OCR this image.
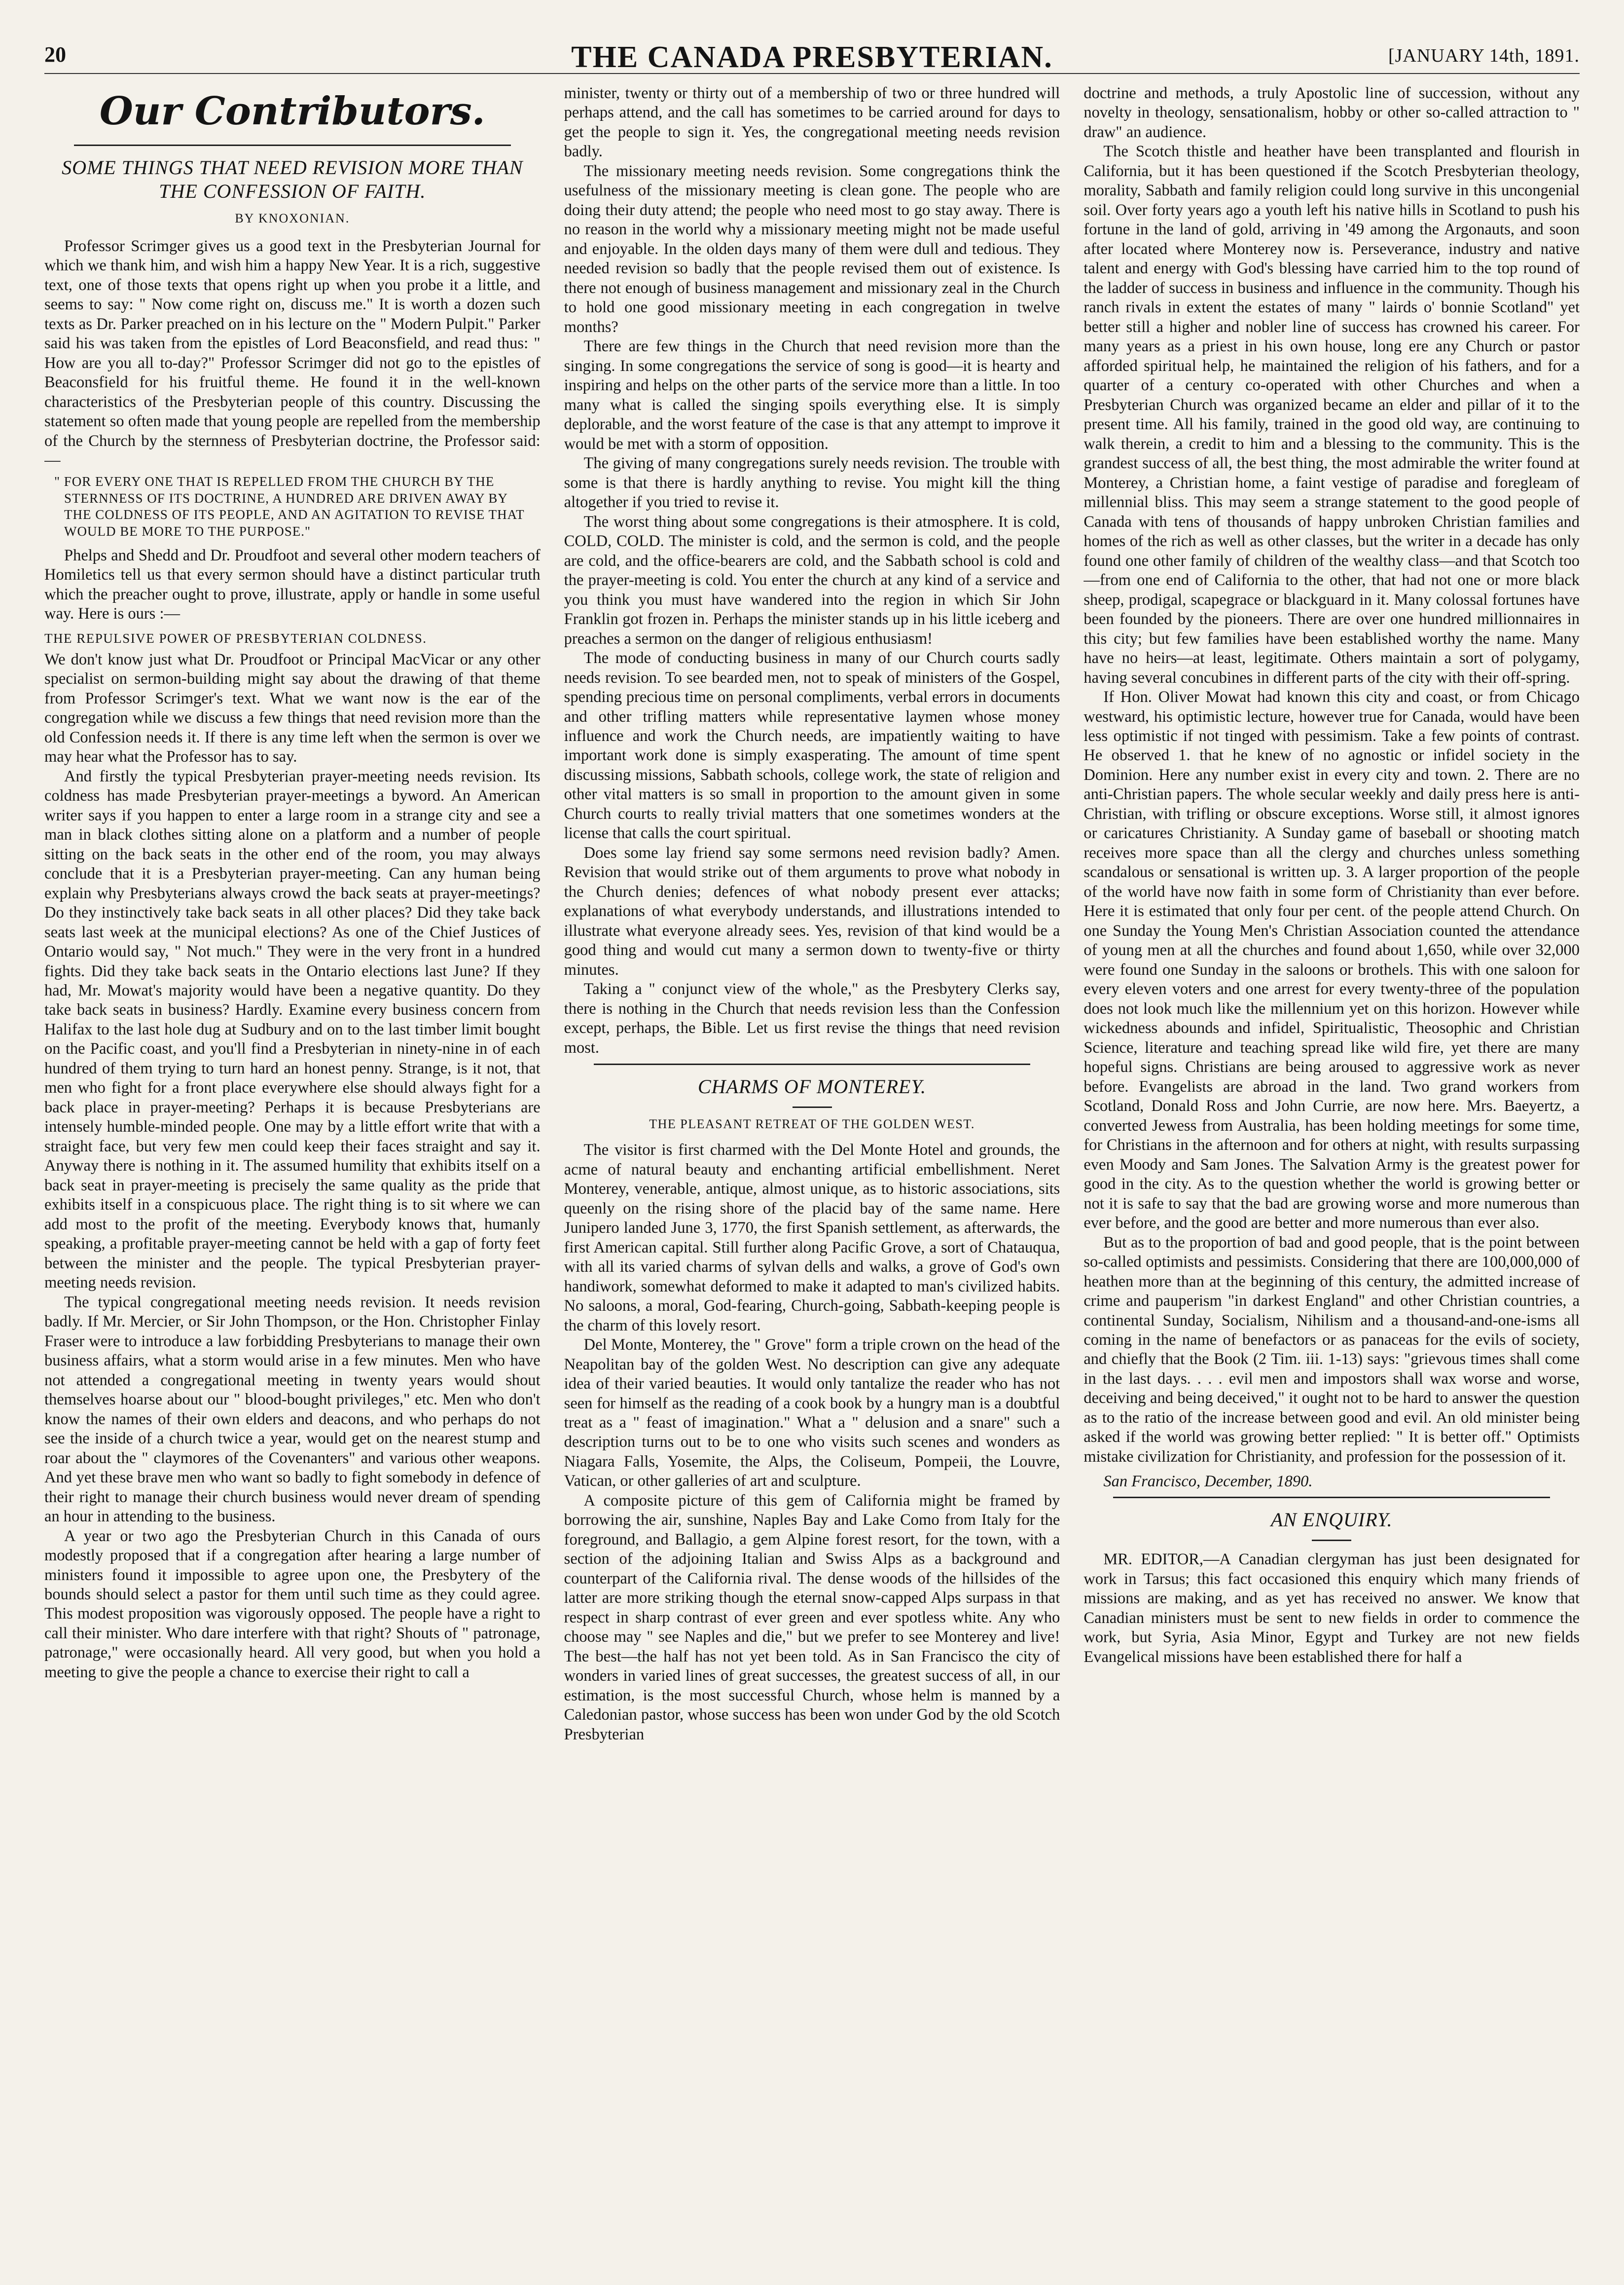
20	THE CANADA PRESBYTERIAN.	[JANUARY 14th, 1891.
Our Contributors.
SOME THINGS THAT NEED REVISION MORE THAN THE CONFESSION OF FAITH.
BY KNOXONIAN.

Professor Scrimger gives us a good text in the Presbyterian Journal for which we thank him, and wish him a happy New Year. It is a rich, suggestive text, one of those texts that opens right up when you probe it a little, and seems to say: " Now come right on, discuss me." It is worth a dozen such texts as Dr. Parker preached on in his lecture on the " Modern Pulpit." Parker said his was taken from the epistles of Lord Beaconsfield, and read thus: " How are you all to-day?" Professor Scrimger did not go to the epistles of Beaconsfield for his fruitful theme. He found it in the well-known characteristics of the Presbyterian people of this country. Discussing the statement so often made that young people are repelled from the membership of the Church by the sternness of Presbyterian doctrine, the Professor said: —

" FOR EVERY ONE THAT IS REPELLED FROM THE CHURCH BY THE STERNNESS OF ITS DOCTRINE, A HUNDRED ARE DRIVEN AWAY BY THE COLDNESS OF ITS PEOPLE, AND AN AGITATION TO REVISE THAT WOULD BE MORE TO THE PURPOSE."

Phelps and Shedd and Dr. Proudfoot and several other modern teachers of Homiletics tell us that every sermon should have a distinct particular truth which the preacher ought to prove, illustrate, apply or handle in some useful way. Here is ours :—

THE REPULSIVE POWER OF PRESBYTERIAN COLDNESS.

We don't know just what Dr. Proudfoot or Principal MacVicar or any other specialist on sermon-building might say about the drawing of that theme from Professor Scrimger's text. What we want now is the ear of the congregation while we discuss a few things that need revision more than the old Confession needs it. If there is any time left when the sermon is over we may hear what the Professor has to say.

And firstly the typical Presbyterian prayer-meeting needs revision. Its coldness has made Presbyterian prayer-meetings a byword. An American writer says if you happen to enter a large room in a strange city and see a man in black clothes sitting alone on a platform and a number of people sitting on the back seats in the other end of the room, you may always conclude that it is a Presbyterian prayer-meeting. Can any human being explain why Presbyterians always crowd the back seats at prayer-meetings? Do they instinctively take back seats in all other places? Did they take back seats last week at the municipal elections? As one of the Chief Justices of Ontario would say, " Not much." They were in the very front in a hundred fights. Did they take back seats in the Ontario elections last June? If they had, Mr. Mowat's majority would have been a negative quantity. Do they take back seats in business? Hardly. Examine every business concern from Halifax to the last hole dug at Sudbury and on to the last timber limit bought on the Pacific coast, and you'll find a Presbyterian in ninety-nine in of each hundred of them trying to turn hard an honest penny. Strange, is it not, that men who fight for a front place everywhere else should always fight for a back place in prayer-meeting? Perhaps it is because Presbyterians are intensely humble-minded people. One may by a little effort write that with a straight face, but very few men could keep their faces straight and say it. Anyway there is nothing in it. The assumed humility that exhibits itself on a back seat in prayer-meeting is precisely the same quality as the pride that exhibits itself in a conspicuous place. The right thing is to sit where we can add most to the profit of the meeting. Everybody knows that, humanly speaking, a profitable prayer-meeting cannot be held with a gap of forty feet between the minister and the people. The typical Presbyterian prayer-meeting needs revision.

The typical congregational meeting needs revision. It needs revision badly. If Mr. Mercier, or Sir John Thompson, or the Hon. Christopher Finlay Fraser were to introduce a law forbidding Presbyterians to manage their own business affairs, what a storm would arise in a few minutes. Men who have not attended a congregational meeting in twenty years would shout themselves hoarse about our " blood-bought privileges," etc. Men who don't know the names of their own elders and deacons, and who perhaps do not see the inside of a church twice a year, would get on the nearest stump and roar about the " claymores of the Covenanters" and various other weapons. And yet these brave men who want so badly to fight somebody in defence of their right to manage their church business would never dream of spending an hour in attending to the business.

A year or two ago the Presbyterian Church in this Canada of ours modestly proposed that if a congregation after hearing a large number of ministers found it impossible to agree upon one, the Presbytery of the bounds should select a pastor for them until such time as they could agree. This modest proposition was vigorously opposed. The people have a right to call their minister. Who dare interfere with that right? Shouts of " patronage, patronage," were occasionally heard. All very good, but when you hold a meeting to give the people a chance to exercise their right to call a

minister, twenty or thirty out of a membership of two or three hundred will perhaps attend, and the call has sometimes to be carried around for days to get the people to sign it. Yes, the congregational meeting needs revision badly.

The missionary meeting needs revision. Some congregations think the usefulness of the missionary meeting is clean gone. The people who are doing their duty attend; the people who need most to go stay away. There is no reason in the world why a missionary meeting might not be made useful and enjoyable. In the olden days many of them were dull and tedious. They needed revision so badly that the people revised them out of existence. Is there not enough of business management and missionary zeal in the Church to hold one good missionary meeting in each congregation in twelve months?

There are few things in the Church that need revision more than the singing. In some congregations the service of song is good—it is hearty and inspiring and helps on the other parts of the service more than a little. In too many what is called the singing spoils everything else. It is simply deplorable, and the worst feature of the case is that any attempt to improve it would be met with a storm of opposition.

The giving of many congregations surely needs revision. The trouble with some is that there is hardly anything to revise. You might kill the thing altogether if you tried to revise it.

The worst thing about some congregations is their atmosphere. It is cold, COLD, COLD. The minister is cold, and the sermon is cold, and the people are cold, and the office-bearers are cold, and the Sabbath school is cold and the prayer-meeting is cold. You enter the church at any kind of a service and you think you must have wandered into the region in which Sir John Franklin got frozen in. Perhaps the minister stands up in his little iceberg and preaches a sermon on the danger of religious enthusiasm!

The mode of conducting business in many of our Church courts sadly needs revision. To see bearded men, not to speak of ministers of the Gospel, spending precious time on personal compliments, verbal errors in documents and other trifling matters while representative laymen whose money influence and work the Church needs, are impatiently waiting to have important work done is simply exasperating. The amount of time spent discussing missions, Sabbath schools, college work, the state of religion and other vital matters is so small in proportion to the amount given in some Church courts to really trivial matters that one sometimes wonders at the license that calls the court spiritual.

Does some lay friend say some sermons need revision badly? Amen. Revision that would strike out of them arguments to prove what nobody in the Church denies; defences of what nobody present ever attacks; explanations of what everybody understands, and illustrations intended to illustrate what everyone already sees. Yes, revision of that kind would be a good thing and would cut many a sermon down to twenty-five or thirty minutes.

Taking a " conjunct view of the whole," as the Presbytery Clerks say, there is nothing in the Church that needs revision less than the Confession except, perhaps, the Bible. Let us first revise the things that need revision most.

CHARMS OF MONTEREY.
THE PLEASANT RETREAT OF THE GOLDEN WEST.

The visitor is first charmed with the Del Monte Hotel and grounds, the acme of natural beauty and enchanting artificial embellishment. Neret Monterey, venerable, antique, almost unique, as to historic associations, sits queenly on the rising shore of the placid bay of the same name. Here Junipero landed June 3, 1770, the first Spanish settlement, as afterwards, the first American capital. Still further along Pacific Grove, a sort of Chatauqua, with all its varied charms of sylvan dells and walks, a grove of God's own handiwork, somewhat deformed to make it adapted to man's civilized habits. No saloons, a moral, God-fearing, Church-going, Sabbath-keeping people is the charm of this lovely resort.

Del Monte, Monterey, the " Grove" form a triple crown on the head of the Neapolitan bay of the golden West. No description can give any adequate idea of their varied beauties. It would only tantalize the reader who has not seen for himself as the reading of a cook book by a hungry man is a doubtful treat as a " feast of imagination." What a " delusion and a snare" such a description turns out to be to one who visits such scenes and wonders as Niagara Falls, Yosemite, the Alps, the Coliseum, Pompeii, the Louvre, Vatican, or other galleries of art and sculpture.

A composite picture of this gem of California might be framed by borrowing the air, sunshine, Naples Bay and Lake Como from Italy for the foreground, and Ballagio, a gem Alpine forest resort, for the town, with a section of the adjoining Italian and Swiss Alps as a background and counterpart of the California rival. The dense woods of the hillsides of the latter are more striking though the eternal snow-capped Alps surpass in that respect in sharp contrast of ever green and ever spotless white. Any who choose may " see Naples and die," but we prefer to see Monterey and live! The best—the half has not yet been told. As in San Francisco the city of wonders in varied lines of great successes, the greatest success of all, in our estimation, is the most successful Church, whose helm is manned by a Caledonian pastor, whose success has been won under God by the old Scotch Presbyterian

doctrine and methods, a truly Apostolic line of succession, without any novelty in theology, sensationalism, hobby or other so-called attraction to " draw" an audience.

The Scotch thistle and heather have been transplanted and flourish in California, but it has been questioned if the Scotch Presbyterian theology, morality, Sabbath and family religion could long survive in this uncongenial soil. Over forty years ago a youth left his native hills in Scotland to push his fortune in the land of gold, arriving in '49 among the Argonauts, and soon after located where Monterey now is. Perseverance, industry and native talent and energy with God's blessing have carried him to the top round of the ladder of success in business and influence in the community. Though his ranch rivals in extent the estates of many " lairds o' bonnie Scotland" yet better still a higher and nobler line of success has crowned his career. For many years as a priest in his own house, long ere any Church or pastor afforded spiritual help, he maintained the religion of his fathers, and for a quarter of a century co-operated with other Churches and when a Presbyterian Church was organized became an elder and pillar of it to the present time. All his family, trained in the good old way, are continuing to walk therein, a credit to him and a blessing to the community. This is the grandest success of all, the best thing, the most admirable the writer found at Monterey, a Christian home, a faint vestige of paradise and foregleam of millennial bliss. This may seem a strange statement to the good people of Canada with tens of thousands of happy unbroken Christian families and homes of the rich as well as other classes, but the writer in a decade has only found one other family of children of the wealthy class—and that Scotch too—from one end of California to the other, that had not one or more black sheep, prodigal, scapegrace or blackguard in it. Many colossal fortunes have been founded by the pioneers. There are over one hundred millionnaires in this city; but few families have been established worthy the name. Many have no heirs—at least, legitimate. Others maintain a sort of polygamy, having several concubines in different parts of the city with their off-spring.

If Hon. Oliver Mowat had known this city and coast, or from Chicago westward, his optimistic lecture, however true for Canada, would have been less optimistic if not tinged with pessimism. Take a few points of contrast. He observed 1. that he knew of no agnostic or infidel society in the Dominion. Here any number exist in every city and town. 2. There are no anti-Christian papers. The whole secular weekly and daily press here is anti-Christian, with trifling or obscure exceptions. Worse still, it almost ignores or caricatures Christianity. A Sunday game of baseball or shooting match receives more space than all the clergy and churches unless something scandalous or sensational is written up. 3. A larger proportion of the people of the world have now faith in some form of Christianity than ever before. Here it is estimated that only four per cent. of the people attend Church. On one Sunday the Young Men's Christian Association counted the attendance of young men at all the churches and found about 1,650, while over 32,000 were found one Sunday in the saloons or brothels. This with one saloon for every eleven voters and one arrest for every twenty-three of the population does not look much like the millennium yet on this horizon. However while wickedness abounds and infidel, Spiritualistic, Theosophic and Christian Science, literature and teaching spread like wild fire, yet there are many hopeful signs. Christians are being aroused to aggressive work as never before. Evangelists are abroad in the land. Two grand workers from Scotland, Donald Ross and John Currie, are now here. Mrs. Baeyertz, a converted Jewess from Australia, has been holding meetings for some time, for Christians in the afternoon and for others at night, with results surpassing even Moody and Sam Jones. The Salvation Army is the greatest power for good in the city. As to the question whether the world is growing better or not it is safe to say that the bad are growing worse and more numerous than ever before, and the good are better and more numerous than ever also.

But as to the proportion of bad and good people, that is the point between so-called optimists and pessimists. Considering that there are 100,000,000 of heathen more than at the beginning of this century, the admitted increase of crime and pauperism "in darkest England" and other Christian countries, a continental Sunday, Socialism, Nihilism and a thousand-and-one-isms all coming in the name of benefactors or as panaceas for the evils of society, and chiefly that the Book (2 Tim. iii. 1-13) says: "grievous times shall come in the last days. . . . evil men and impostors shall wax worse and worse, deceiving and being deceived," it ought not to be hard to answer the question as to the ratio of the increase between good and evil. An old minister being asked if the world was growing better replied: " It is better off." Optimists mistake civilization for Christianity, and profession for the possession of it.

San Francisco, December, 1890.
AN ENQUIRY.

MR. EDITOR,—A Canadian clergyman has just been designated for work in Tarsus; this fact occasioned this enquiry which many friends of missions are making, and as yet has received no answer. We know that Canadian ministers must be sent to new fields in order to commence the work, but Syria, Asia Minor, Egypt and Turkey are not new fields Evangelical missions have been established there for half a
